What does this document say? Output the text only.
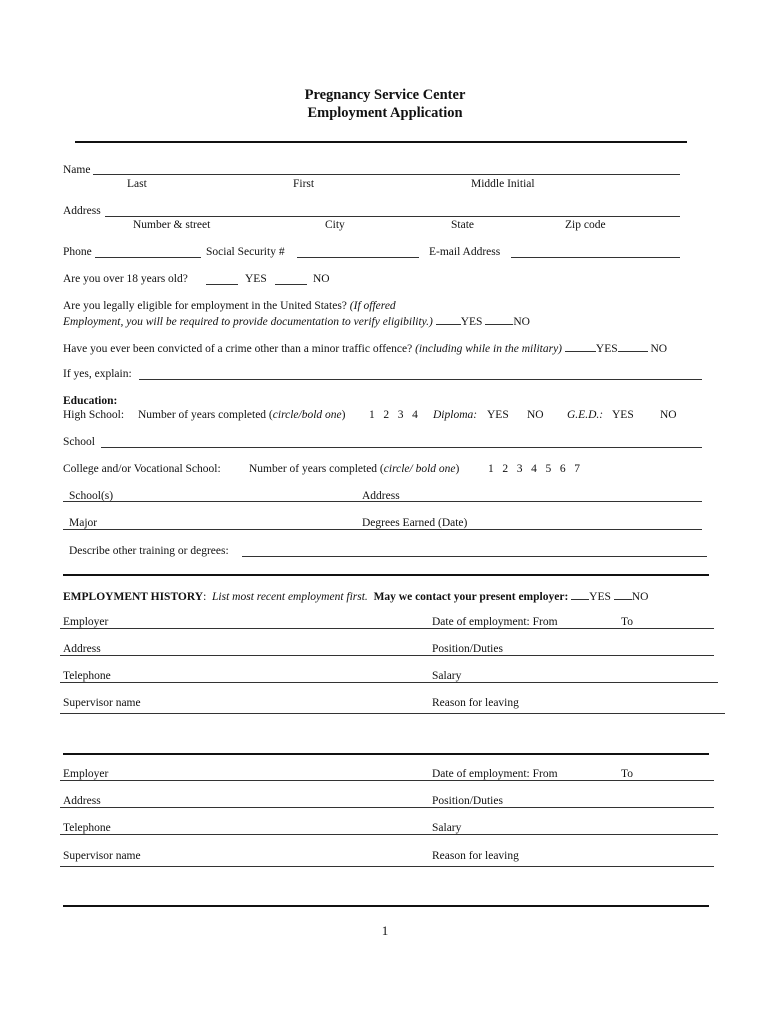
Pregnancy Service Center
Employment Application
Name
Last	First	Middle Initial
Address
Number & street	City	State	Zip code
Phone	Social Security #	E-mail Address
Are you over 18 years old?	YES	NO
Are you legally eligible for employment in the United States? (If offered
Employment, you will be required to provide documentation to verify eligibility.) YES	NO
Have you ever been convicted of a crime other than a minor traffic offence? (including while in the military)	YES	NO
If yes, explain:
Education:
High School: Number of years completed (circle/bold one) 1   2   3   4 Diploma: YES NO G.E.D.: YES NO
School
College and/or Vocational School: Number of years completed (circle/ bold one) 1   2   3   4   5   6   7
School(s)	Address
Major	Degrees Earned (Date)
Describe other training or degrees:
EMPLOYMENT HISTORY:  List most recent employment first. May we contact your present employer: YES NO
Employer	Date of employment: From	To
Address	Position/Duties
Telephone	Salary
Supervisor name	Reason for leaving
Employer	Date of employment: From	To
Address	Position/Duties
Telephone	Salary
Supervisor name	Reason for leaving
1
